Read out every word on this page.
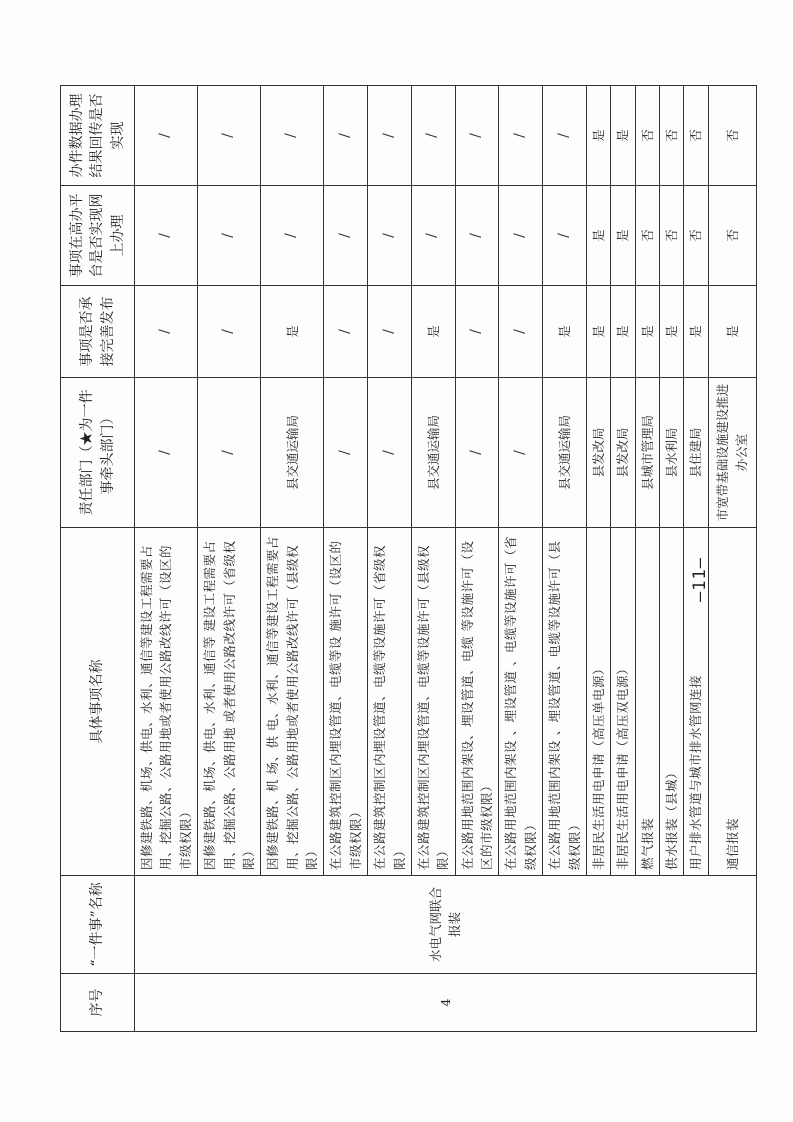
序号	“一件事”名称	具体事项名称	责任部门（★为一件事牵头部门）	事项是否承接完善发布	事项在高办平台是否实现网上办理	办件数据办理结果回传是否实现
4	水电气网联合报装	因修建铁路、机场、供电、水利、通信等建设工程需要占用、挖掘公路、公路用地或者使用公路改线许可（设区的市级权限）	/	/	/	/
		因修建铁路、机场、供电、水利、通信等 建设工程需要占用、挖掘公路、公路用地 或者使用公路改线许可（省级权限）	/	/	/	/
		因修建铁路、机 场、供 电、水利、通信等建设工程需要占用、挖掘公路、公路用地或者使用公路改线许可（县级权限）	县交通运输局	是	/	/
		在公路建筑控制区内埋设管道、电缆等设 施许可（设区的市级权限）	/	/	/	/
		在公路建筑控制区内埋设管道、电缆等设施许可（省级权限）	/	/	/	/
		在公路建筑控制区内埋设管道、电缆等设施许可（县级权限）	县交通运输局	是	/	/
		在公路用地范围内架设、埋设管道、电缆 等设施许可（设区的市级权限）	/	/	/	/
		在公路用地范围内架设 、埋设管道 、电缆等设施许可（省级权限）	/	/	/	/
		在公路用地范围内架设 、埋设管道、电缆等设施许可（县级权限）	县交通运输局	是	/	/
		非居民生活用电申请（高压单电源）	县发改局	是	是	是
		非居民生活用电申请（高压双电源）	县发改局	是	是	是
		燃气报装	县城市管理局	是	否	否
		供水报装（县城）	县水利局	是	否	否
		用户排水管道与城市排水管网连接	县住建局	是	否	否
		通信报装	市宽带基础设施建设推进办公室	是	否	否
—11—
